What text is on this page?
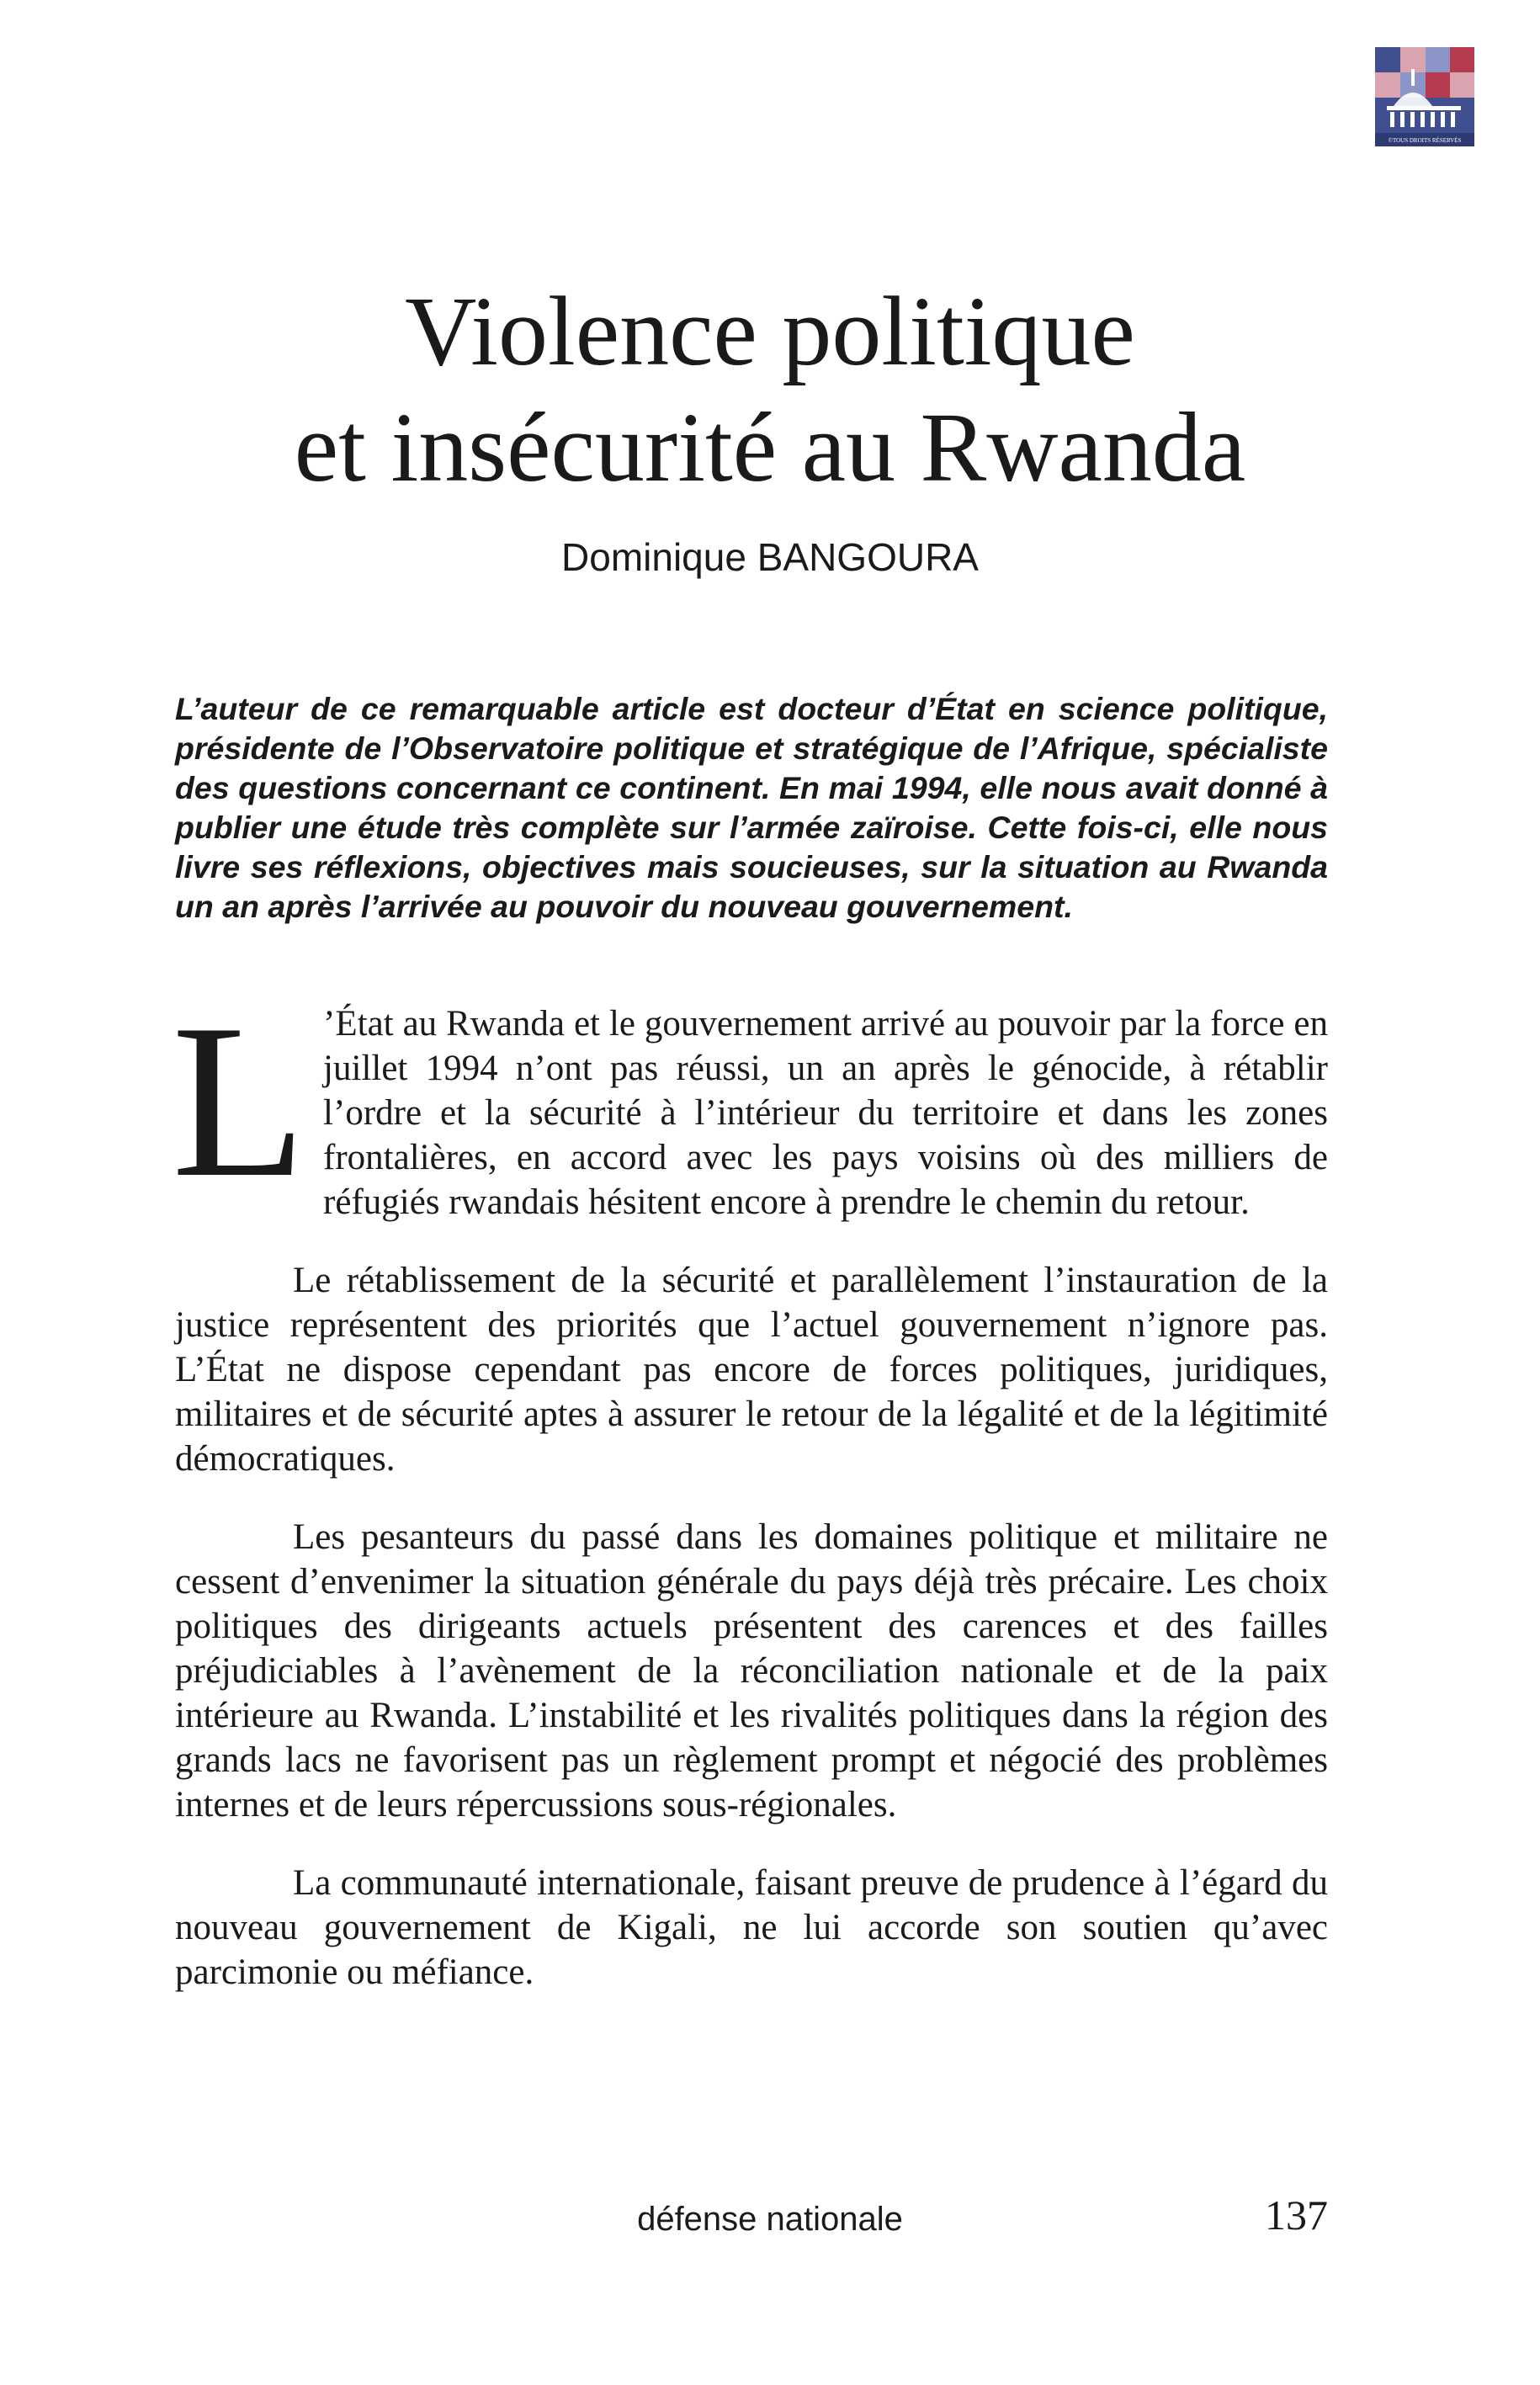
©TOUS DROITS RÉSERVÉS
Violence politique
et insécurité au Rwanda
Dominique BANGOURA

L’auteur de ce remarquable article est docteur d’État en science politique, présidente de l’Observatoire politique et stratégique de l’Afrique, spécialiste des questions concernant ce continent. En mai 1994, elle nous avait donné à publier une étude très complète sur l’armée zaïroise. Cette fois-ci, elle nous livre ses réflexions, objectives mais soucieuses, sur la situation au Rwanda un an après l’arrivée au pouvoir du nouveau gouvernement.

L ’État au Rwanda et le gouvernement arrivé au pouvoir par la force en juillet 1994 n’ont pas réussi, un an après le génocide, à rétablir l’ordre et la sécurité à l’intérieur du territoire et dans les zones frontalières, en accord avec les pays voisins où des milliers de réfugiés rwandais hésitent encore à prendre le chemin du retour.

Le rétablissement de la sécurité et parallèlement l’instauration de la justice représentent des priorités que l’actuel gouvernement n’ignore pas. L’État ne dispose cependant pas encore de forces politiques, juridiques, militaires et de sécurité aptes à assurer le retour de la légalité et de la légitimité démocratiques.

Les pesanteurs du passé dans les domaines politique et militaire ne cessent d’envenimer la situation générale du pays déjà très précaire. Les choix politiques des dirigeants actuels présentent des carences et des failles préjudiciables à l’avènement de la réconciliation nationale et de la paix intérieure au Rwanda. L’instabilité et les rivalités politiques dans la région des grands lacs ne favorisent pas un règlement prompt et négocié des problèmes internes et de leurs répercussions sous-régionales.

La communauté internationale, faisant preuve de prudence à l’égard du nouveau gouvernement de Kigali, ne lui accorde son soutien qu’avec parcimonie ou méfiance.

défense nationale	137
